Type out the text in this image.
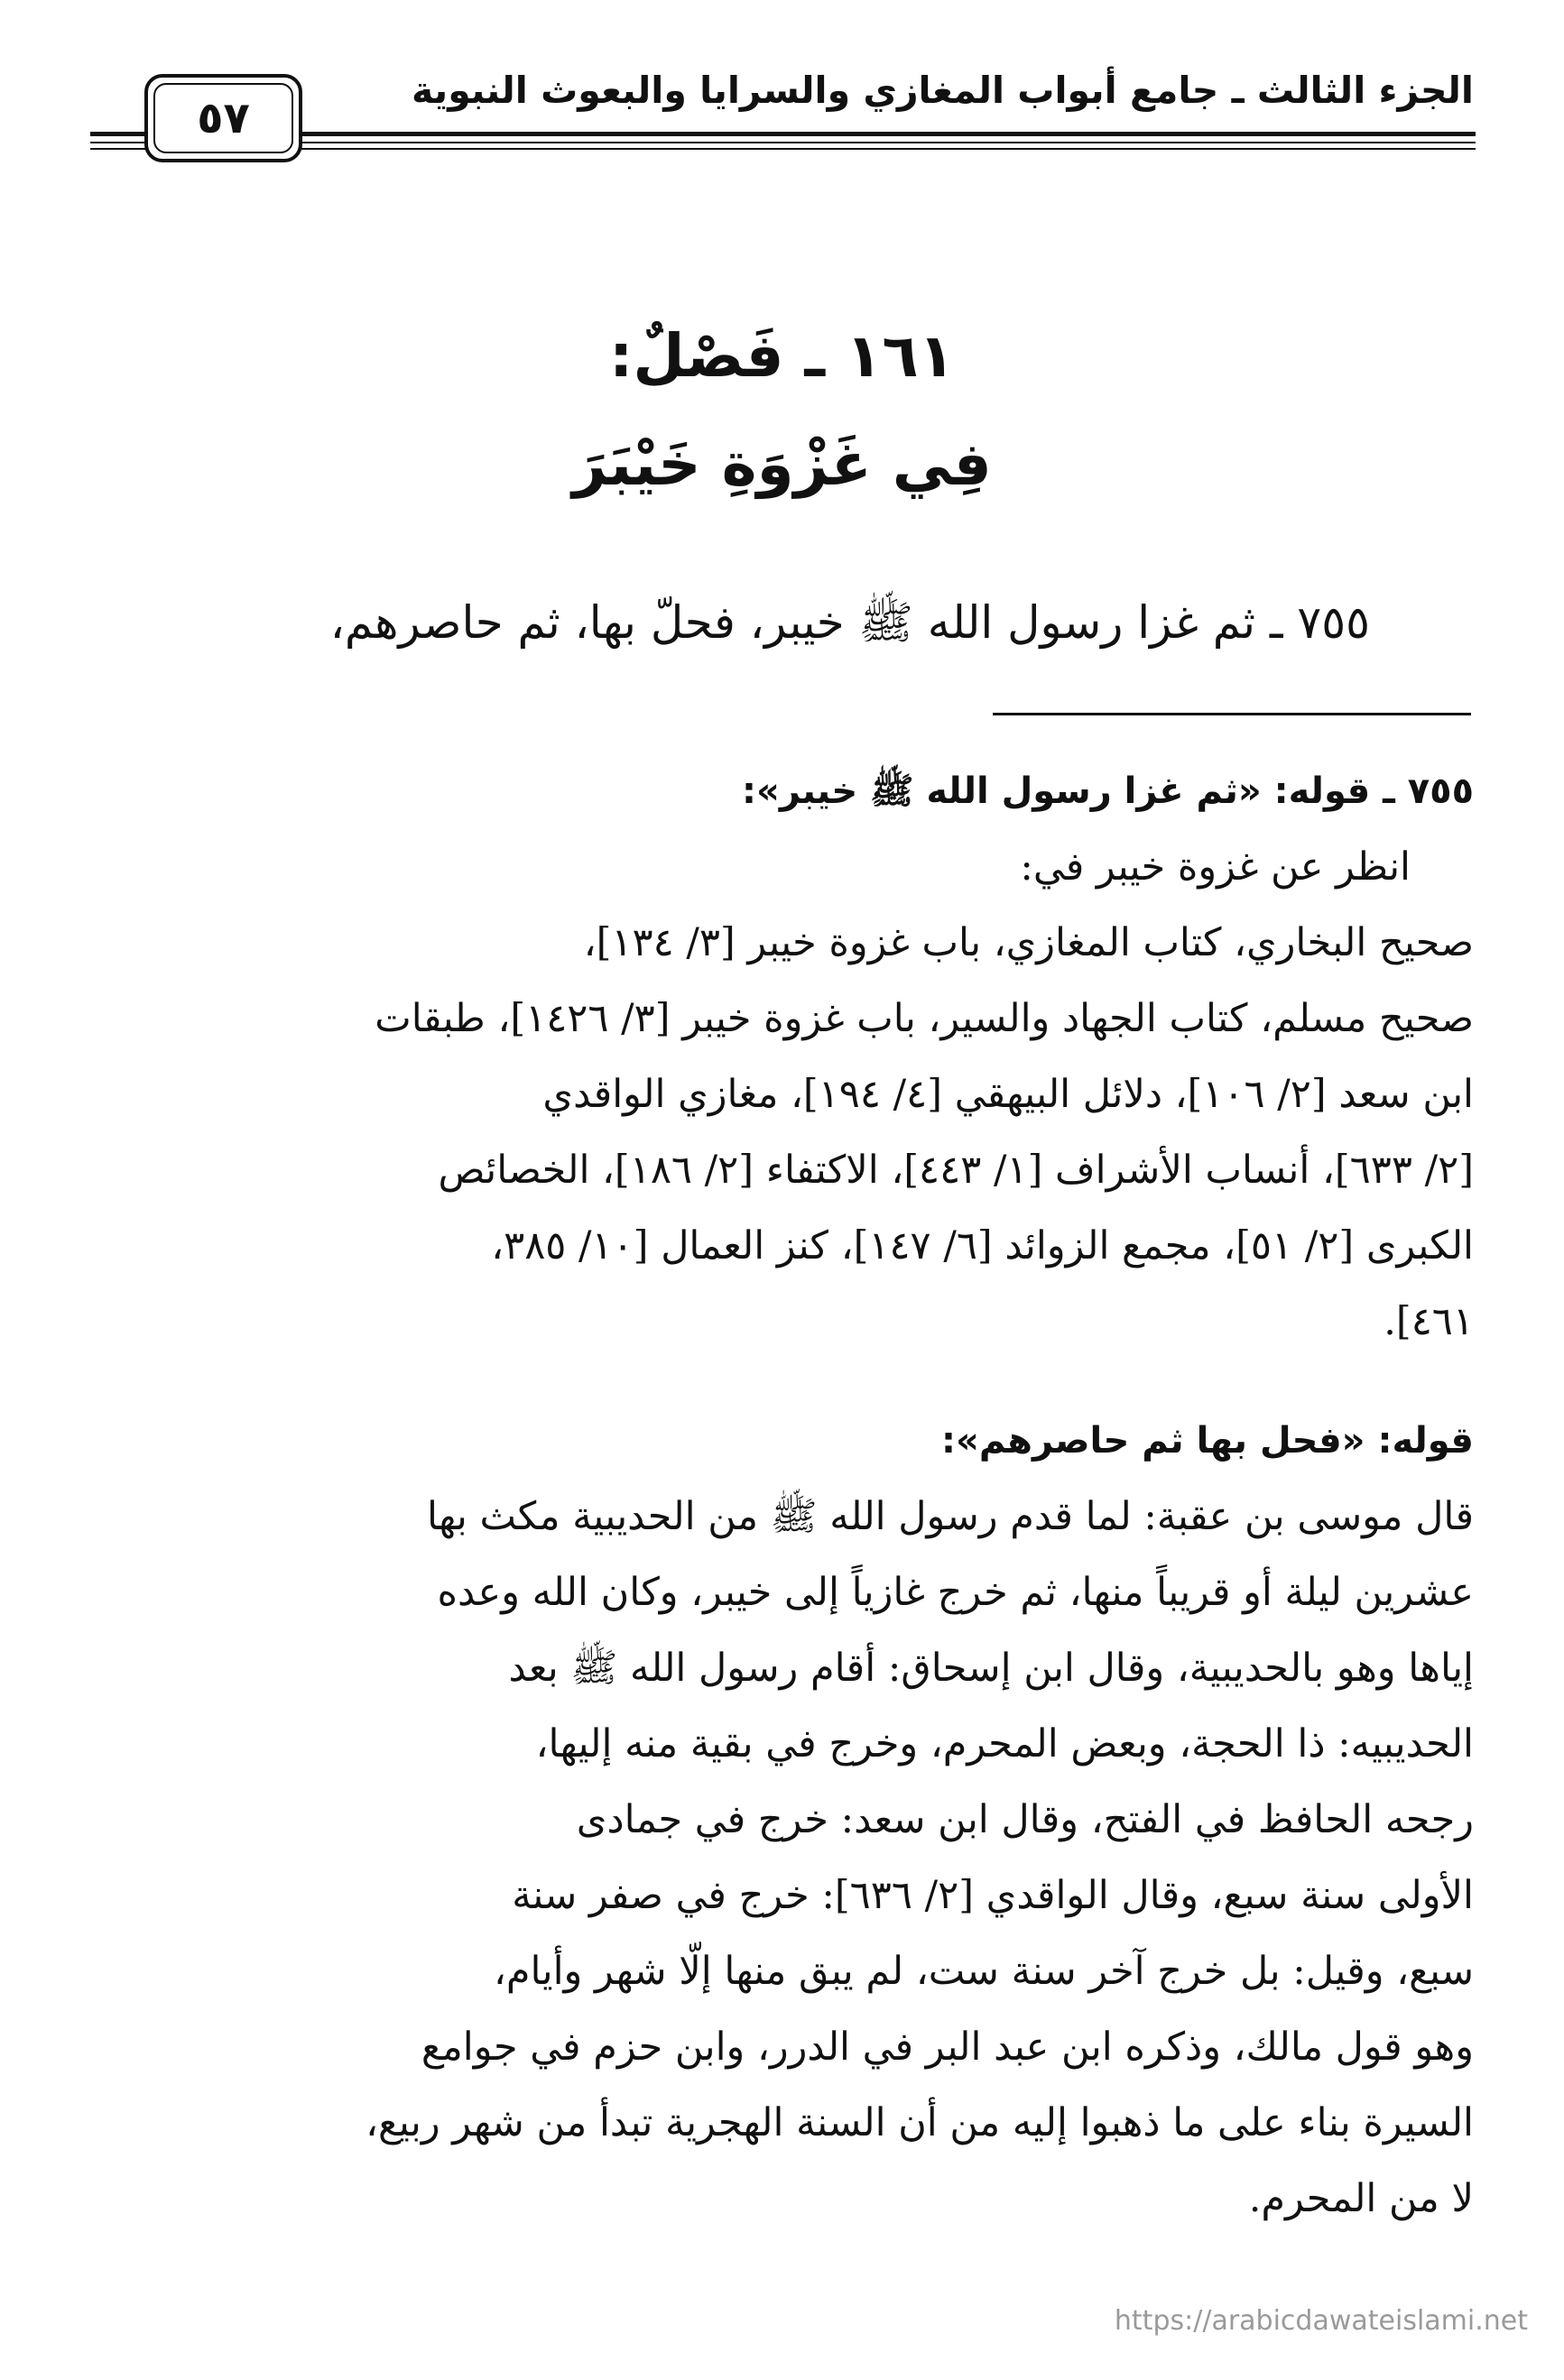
الجزء الثالث ـ جامع أبواب المغازي والسرايا والبعوث النبوية
٥٧
١٦١ ـ فَصْلٌ:
فِي غَزْوَةِ خَيْبَرَ
٧٥٥ ـ ثم غزا رسول الله ﷺ خيبر، فحلّ بها، ثم حاصرهم،
٧٥٥ ـ قوله: «ثم غزا رسول الله ﷺ خيبر»:
انظر عن غزوة خيبر في:
صحيح البخاري، كتاب المغازي، باب غزوة خيبر [٣/ ١٣٤]،
صحيح مسلم، كتاب الجهاد والسير، باب غزوة خيبر [٣/ ١٤٢٦]، طبقات
ابن سعد [٢/ ١٠٦]، دلائل البيهقي [٤/ ١٩٤]، مغازي الواقدي
[٢/ ٦٣٣]، أنساب الأشراف [١/ ٤٤٣]، الاكتفاء [٢/ ١٨٦]، الخصائص
الكبرى [٢/ ٥١]، مجمع الزوائد [٦/ ١٤٧]، كنز العمال [١٠/ ٣٨٥،
٤٦١].
قوله: «فحل بها ثم حاصرهم»:
قال موسى بن عقبة: لما قدم رسول الله ﷺ من الحديبية مكث بها
عشرين ليلة أو قريباً منها، ثم خرج غازياً إلى خيبر، وكان الله وعده
إياها وهو بالحديبية، وقال ابن إسحاق: أقام رسول الله ﷺ بعد
الحديبيه: ذا الحجة، وبعض المحرم، وخرج في بقية منه إليها،
رجحه الحافظ في الفتح، وقال ابن سعد: خرج في جمادى
الأولى سنة سبع، وقال الواقدي [٢/ ٦٣٦]: خرج في صفر سنة
سبع، وقيل: بل خرج آخر سنة ست، لم يبق منها إلّا شهر وأيام،
وهو قول مالك، وذكره ابن عبد البر في الدرر، وابن حزم في جوامع
السيرة بناء على ما ذهبوا إليه من أن السنة الهجرية تبدأ من شهر ربيع،
لا من المحرم.
https://arabicdawateislami.net
